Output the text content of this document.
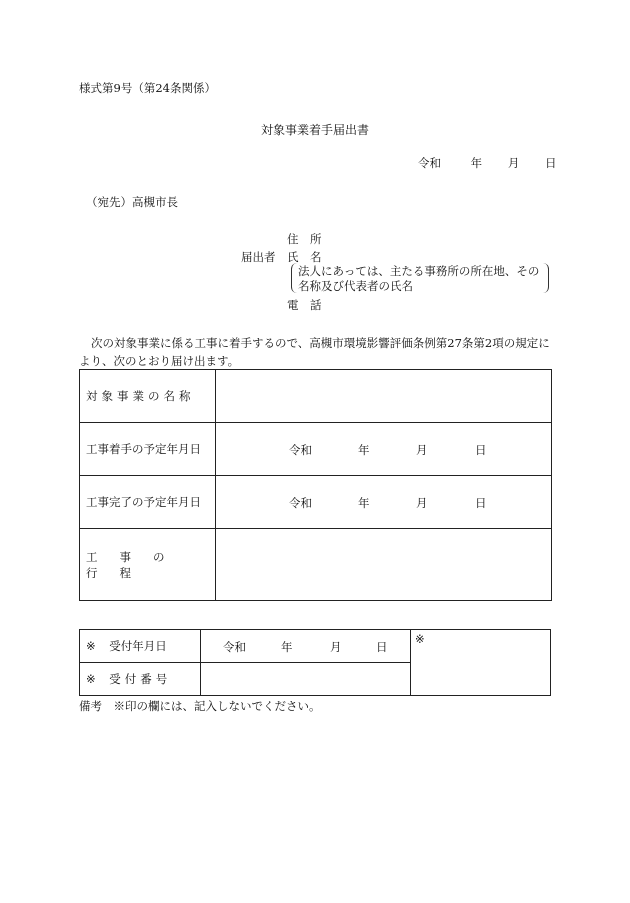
様式第9号（第24条関係）
対象事業着手届出書
令和	年 月 日
（宛先）高槻市長
住　所
届出者 氏　名
法人にあっては、主たる事務所の所在地、その
名称及び代表者の氏名
電　話
次の対象事業に係る工事に着手するので、高槻市環境影響評価条例第27条第2項の規定により、次のとおり届け出ます。
対象事業の名称	
工事着手の予定年月日	令和 年 月 日

工事完了の予定年月日	令和 年 月 日

工事の行程	
※ 受付年月日	令和 年 月 日	※
※ 受付番号		
備考　※印の欄には、記入しないでください。
